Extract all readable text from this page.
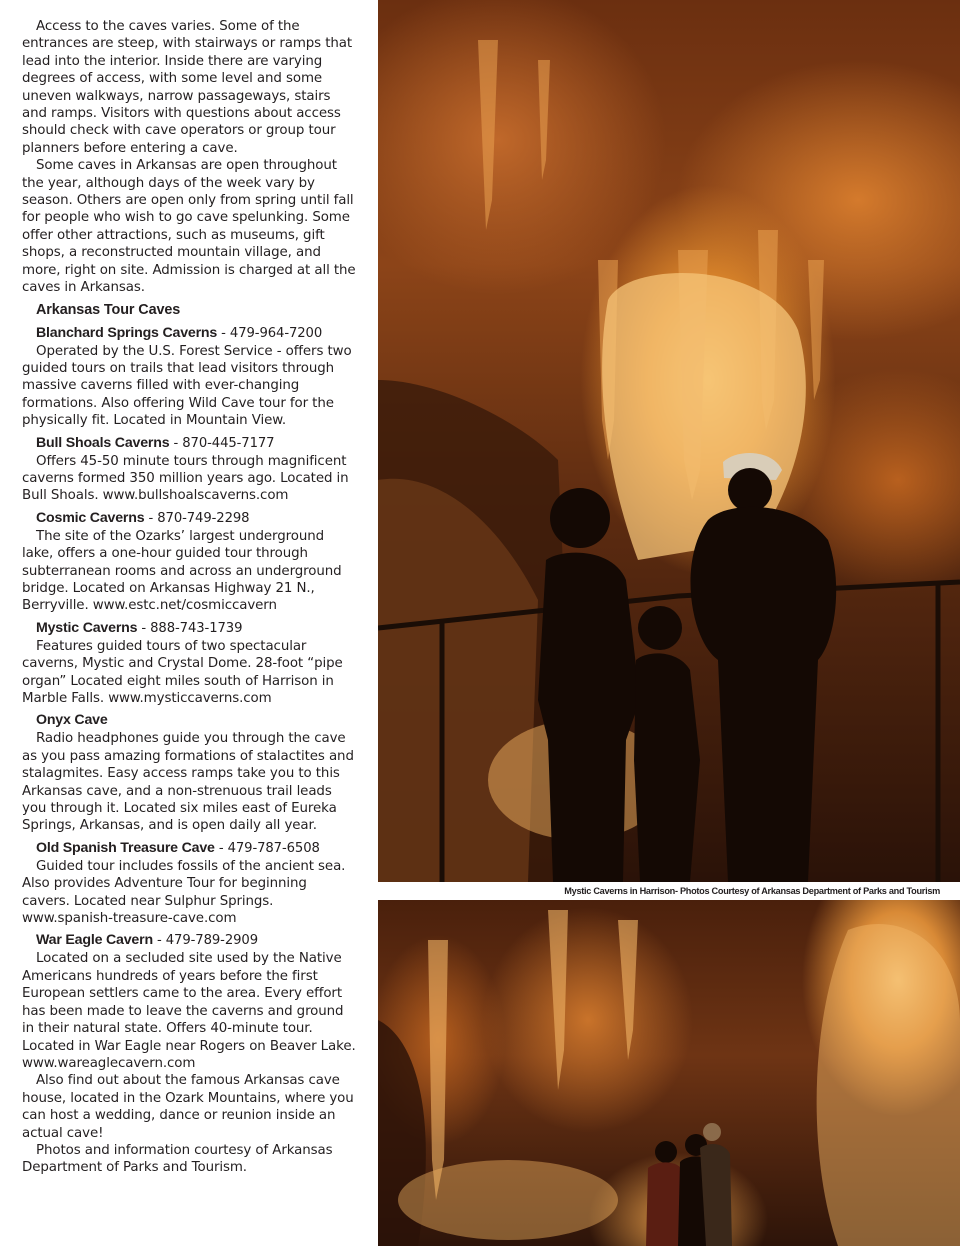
Access to the caves varies. Some of the entrances are steep, with stairways or ramps that lead into the interior. Inside there are varying degrees of access, with some level and some uneven walkways, narrow passageways, stairs and ramps. Visitors with questions about access should check with cave operators or group tour planners before entering a cave.

Some caves in Arkansas are open throughout the year, although days of the week vary by season. Others are open only from spring until fall for people who wish to go cave spelunking. Some offer other attractions, such as museums, gift shops, a reconstructed mountain village, and more, right on site. Admission is charged at all the caves in Arkansas.

Arkansas Tour Caves
Blanchard Springs Caverns - 479-964-7200

Operated by the U.S. Forest Service - offers two guided tours on trails that lead visitors through massive caverns filled with ever-changing formations. Also offering Wild Cave tour for the physically fit. Located in Mountain View.

Bull Shoals Caverns - 870-445-7177

Offers 45-50 minute tours through magnificent caverns formed 350 million years ago. Located in Bull Shoals. www.bullshoalscaverns.com

Cosmic Caverns - 870-749-2298

The site of the Ozarks’ largest underground lake, offers a one-hour guided tour through subterranean rooms and across an underground bridge. Located on Arkansas Highway 21 N., Berryville. www.estc.net/cosmiccavern

Mystic Caverns - 888-743-1739

Features guided tours of two spectacular caverns, Mystic and Crystal Dome. 28-foot “pipe organ” Located eight miles south of Harrison in Marble Falls. www.mysticcaverns.com

Onyx Cave

Radio headphones guide you through the cave as you pass amazing formations of stalactites and stalagmites. Easy access ramps take you to this Arkansas cave, and a non-strenuous trail leads you through it. Located six miles east of Eureka Springs, Arkansas, and is open daily all year.

Old Spanish Treasure Cave - 479-787-6508

Guided tour includes fossils of the ancient sea. Also provides Adventure Tour for beginning cavers. Located near Sulphur Springs. www.spanish-treasure-cave.com

War Eagle Cavern - 479-789-2909

Located on a secluded site used by the Native Americans hundreds of years before the first European settlers came to the area. Every effort has been made to leave the caverns and ground in their natural state. Offers 40-minute tour. Located in War Eagle near Rogers on Beaver Lake. www.wareaglecavern.com

Also find out about the famous Arkansas cave house, located in the Ozark Mountains, where you can host a wedding, dance or reunion inside an actual cave!

Photos and information courtesy of Arkansas Department of Parks and Tourism.

Mystic Caverns in Harrison- Photos Courtesy of Arkansas Department of Parks and Tourism
